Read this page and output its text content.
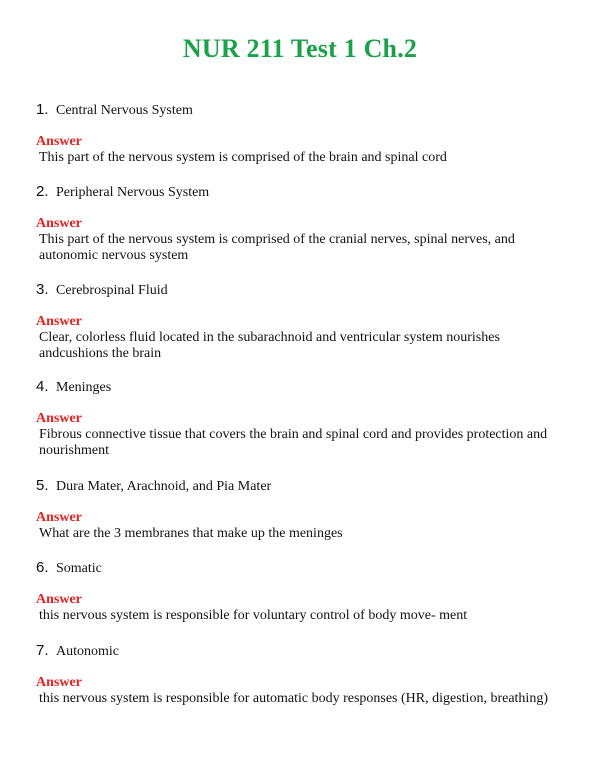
NUR 211 Test 1 Ch.2
1. Central Nervous System
Answer
This part of the nervous system is comprised of the brain and spinal cord
2. Peripheral Nervous System
Answer
This part of the nervous system is comprised of the cranial nerves, spinal nerves, and autonomic nervous system
3. Cerebrospinal Fluid
Answer
Clear, colorless fluid located in the subarachnoid and ventricular system nourishes andcushions the brain
4. Meninges
Answer
Fibrous connective tissue that covers the brain and spinal cord and provides protection and nourishment
5. Dura Mater, Arachnoid, and Pia Mater
Answer
What are the 3 membranes that make up the meninges
6. Somatic
Answer
this nervous system is responsible for voluntary control of body move- ment
7. Autonomic
Answer
this nervous system is responsible for automatic body responses (HR, digestion, breathing)
